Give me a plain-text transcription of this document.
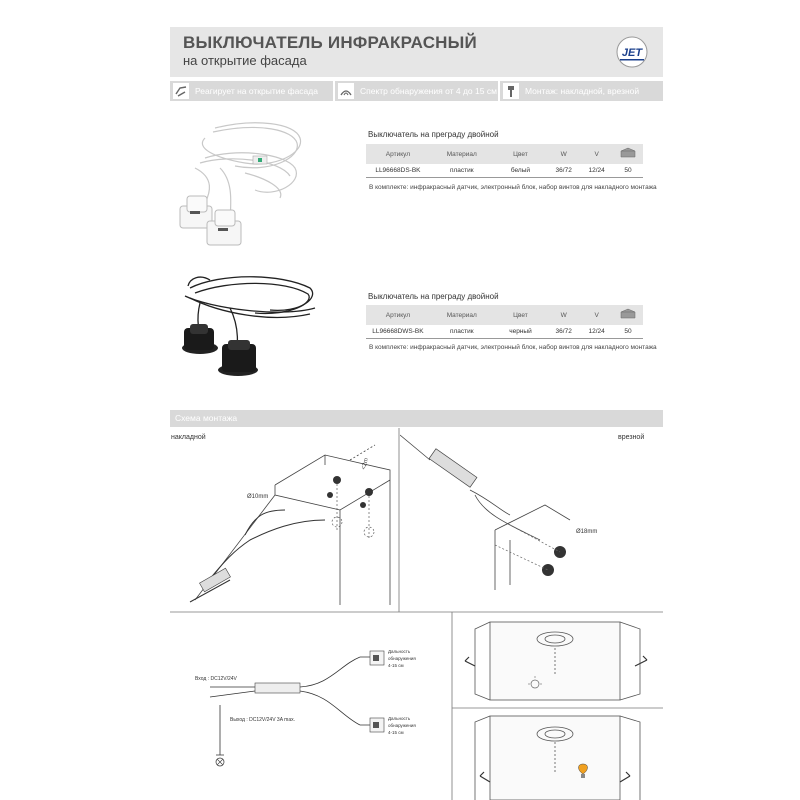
ВЫКЛЮЧАТЕЛЬ ИНФРАКРАСНЫЙ
на открытие фасада	JET
Реагирует на открытие фасада	Спектр обнаружения от 4 до 15 см	Монтаж: накладной, врезной
Выключатель на преграду двойной
Артикул	Материал	Цвет	W	V	
LL96668DS-BK	пластик	белый	36/72	12/24	50
В комплекте: инфракрасный датчик, электронный блок, набор винтов для накладного монтажа
Выключатель на преграду двойной
Артикул	Материал	Цвет	W	V	
LL96668DWS-BK	пластик	черный	36/72	12/24	50
В комплекте: инфракрасный датчик, электронный блок, набор винтов для накладного монтажа
Схема монтажа
накладной	врезной
Ø10mm
<2m
Ø18mm
Вход : DC12V/24V
Выход : DC12V/24V 3A max.
Дальность
обнаружения
4-15 см
Дальность
обнаружения
4-15 см
